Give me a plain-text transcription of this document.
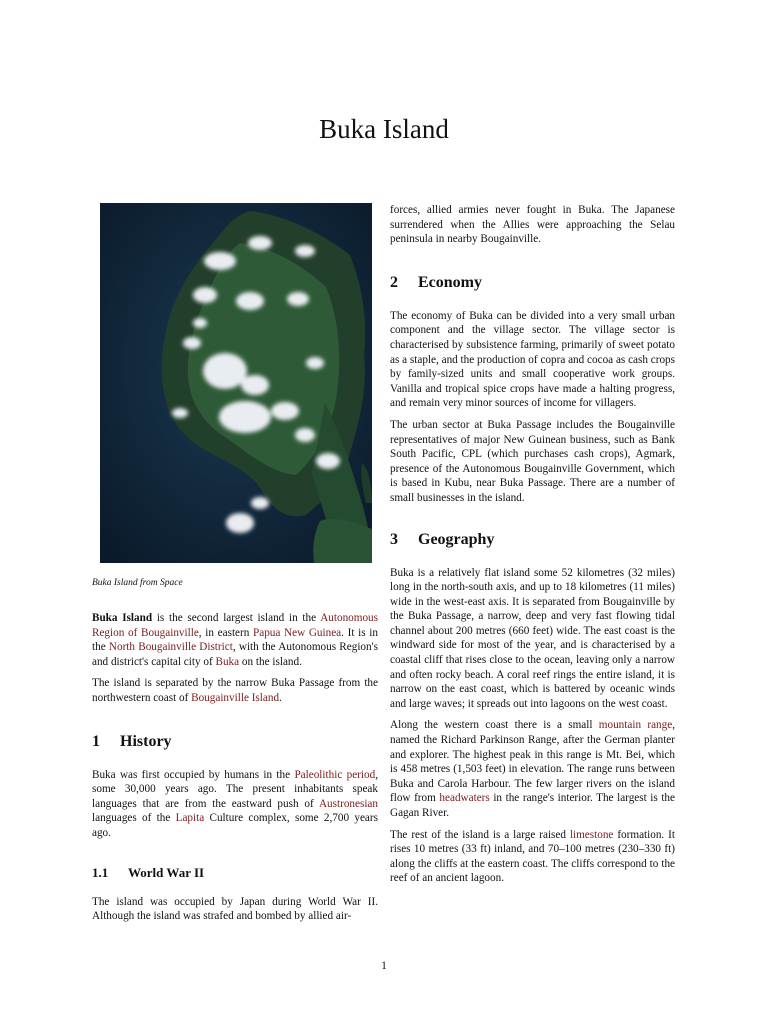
Buka Island
Buka Island from Space

Buka Island is the second largest island in the Autonomous Region of Bougainville, in eastern Papua New Guinea. It is in the North Bougainville District, with the Autonomous Region's and district's capital city of Buka on the island.

The island is separated by the narrow Buka Passage from the northwestern coast of Bougainville Island.

1 History

Buka was first occupied by humans in the Paleolithic period, some 30,000 years ago. The present inhabitants speak languages that are from the eastward push of Austronesian languages of the Lapita Culture complex, some 2,700 years ago.

1.1 World War II

The island was occupied by Japan during World War II. Although the island was strafed and bombed by allied air-

forces, allied armies never fought in Buka. The Japanese surrendered when the Allies were approaching the Selau peninsula in nearby Bougainville.

2 Economy

The economy of Buka can be divided into a very small urban component and the village sector. The village sector is characterised by subsistence farming, primarily of sweet potato as a staple, and the production of copra and cocoa as cash crops by family-sized units and small cooperative work groups. Vanilla and tropical spice crops have made a halting progress, and remain very minor sources of income for villagers.

The urban sector at Buka Passage includes the Bougainville representatives of major New Guinean business, such as Bank South Pacific, CPL (which purchases cash crops), Agmark, presence of the Autonomous Bougainville Government, which is based in Kubu, near Buka Passage. There are a number of small businesses in the island.

3 Geography

Buka is a relatively flat island some 52 kilometres (32 miles) long in the north-south axis, and up to 18 kilometres (11 miles) wide in the west-east axis. It is separated from Bougainville by the Buka Passage, a narrow, deep and very fast flowing tidal channel about 200 metres (660 feet) wide. The east coast is the windward side for most of the year, and is characterised by a coastal cliff that rises close to the ocean, leaving only a narrow and often rocky beach. A coral reef rings the entire island, it is narrow on the east coast, which is battered by oceanic winds and large waves; it spreads out into lagoons on the west coast.

Along the western coast there is a small mountain range, named the Richard Parkinson Range, after the German planter and explorer. The highest peak in this range is Mt. Bei, which is 458 metres (1,503 feet) in elevation. The range runs between Buka and Carola Harbour. The few larger rivers on the island flow from headwaters in the range's interior. The largest is the Gagan River.

The rest of the island is a large raised limestone formation. It rises 10 metres (33 ft) inland, and 70–100 metres (230–330 ft) along the cliffs at the eastern coast. The cliffs correspond to the reef of an ancient lagoon.

1
